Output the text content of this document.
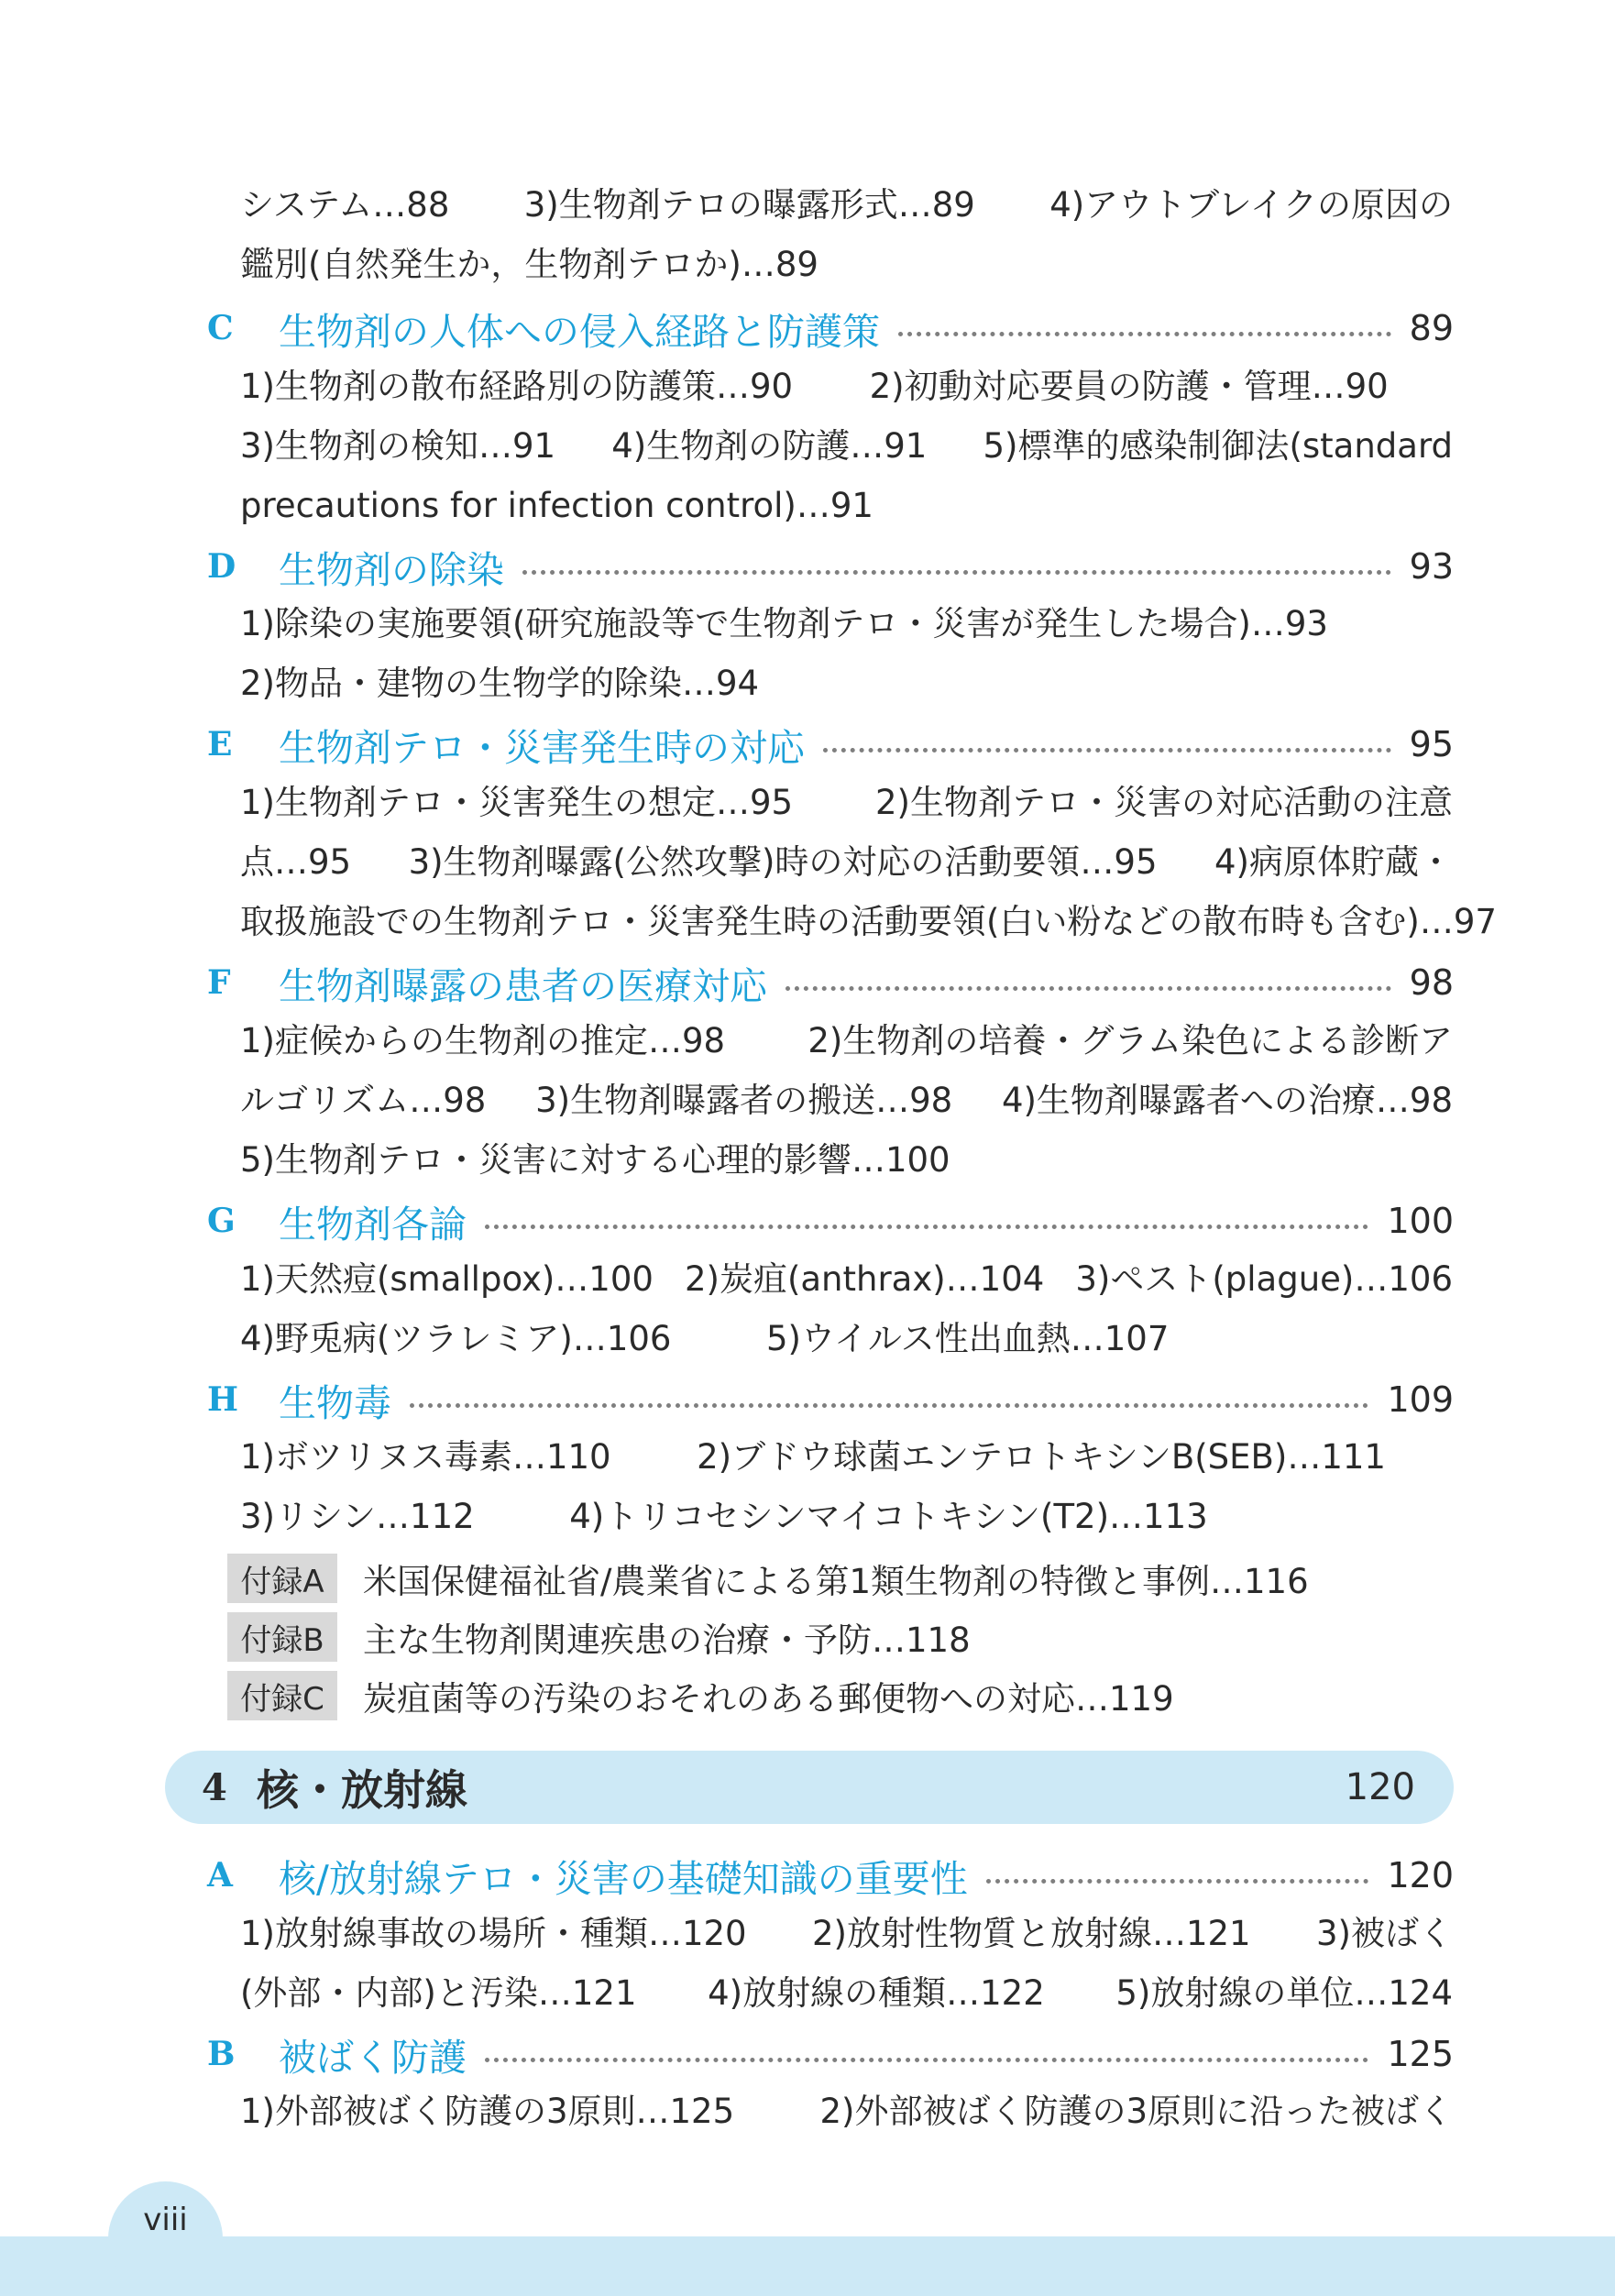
システム…88 3)生物剤テロの曝露形式…89 4)アウトブレイクの原因の
鑑別(自然発生か，生物剤テロか)…89
C	生物剤の人体への侵入経路と防護策	89
1)生物剤の散布経路別の防護策…90 2)初動対応要員の防護・管理…90
3)生物剤の検知…91 4)生物剤の防護…91 5)標準的感染制御法(standard
precautions for infection control)…91
D	生物剤の除染	93
1)除染の実施要領(研究施設等で生物剤テロ・災害が発生した場合)…93
2)物品・建物の生物学的除染…94
E	生物剤テロ・災害発生時の対応	95
1)生物剤テロ・災害発生の想定…95 2)生物剤テロ・災害の対応活動の注意
点…95 3)生物剤曝露(公然攻撃)時の対応の活動要領…95 4)病原体貯蔵・
取扱施設での生物剤テロ・災害発生時の活動要領(白い粉などの散布時も含む)…97
F	生物剤曝露の患者の医療対応	98
1)症候からの生物剤の推定…98 2)生物剤の培養・グラム染色による診断ア
ルゴリズム…98 3)生物剤曝露者の搬送…98 4)生物剤曝露者への治療…98
5)生物剤テロ・災害に対する心理的影響…100
G	生物剤各論	100
1)天然痘(smallpox)…100 2)炭疽(anthrax)…104 3)ペスト(plague)…106
4)野兎病(ツラレミア)…106	5)ウイルス性出血熱…107
H	生物毒	109
1)ボツリヌス毒素…110	2)ブドウ球菌エンテロトキシンB(SEB)…111
3)リシン…112	4)トリコセシンマイコトキシン(T2)…113
付録A	米国保健福祉省/農業省による第1類生物剤の特徴と事例…116
付録B	主な生物剤関連疾患の治療・予防…118
付録C	炭疽菌等の汚染のおそれのある郵便物への対応…119
4 核・放射線	120
A	核/放射線テロ・災害の基礎知識の重要性	120
1)放射線事故の場所・種類…120 2)放射性物質と放射線…121 3)被ばく
(外部・内部)と汚染…121 4)放射線の種類…122 5)放射線の単位…124
B	被ばく防護	125
1)外部被ばく防護の3原則…125	2)外部被ばく防護の3原則に沿った被ばく
viii
